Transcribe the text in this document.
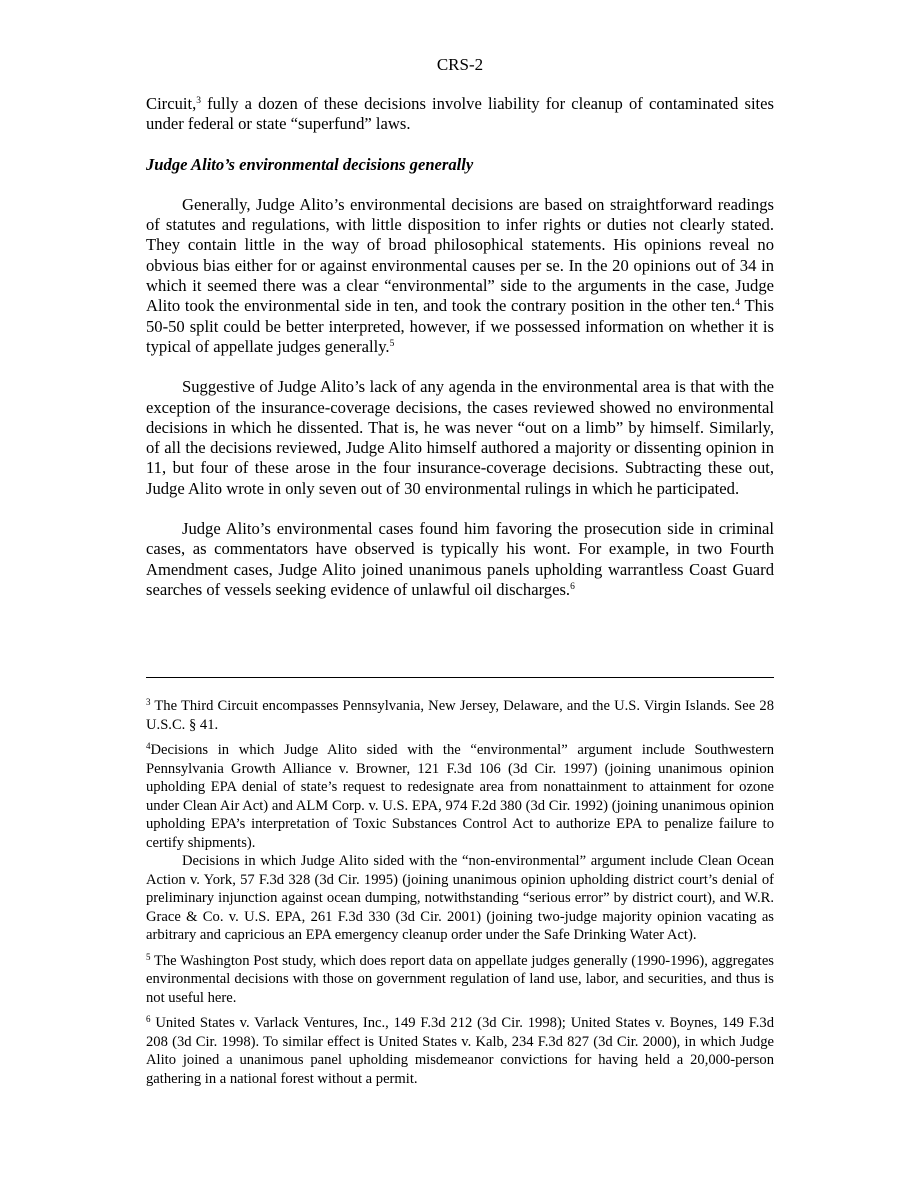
CRS-2

Circuit,$^3$ fully a dozen of these decisions involve liability for cleanup of contaminated sites under federal or state “superfund” laws.

Judge Alito’s environmental decisions generally

Generally, Judge Alito’s environmental decisions are based on straightforward readings of statutes and regulations, with little disposition to infer rights or duties not clearly stated. They contain little in the way of broad philosophical statements. His opinions reveal no obvious bias either for or against environmental causes per se. In the 20 opinions out of 34 in which it seemed there was a clear “environmental” side to the arguments in the case, Judge Alito took the environmental side in ten, and took the contrary position in the other ten.$^4$ This 50-50 split could be better interpreted, however, if we possessed information on whether it is typical of appellate judges generally.$^5$

Suggestive of Judge Alito’s lack of any agenda in the environmental area is that with the exception of the insurance-coverage decisions, the cases reviewed showed no environmental decisions in which he dissented. That is, he was never “out on a limb” by himself. Similarly, of all the decisions reviewed, Judge Alito himself authored a majority or dissenting opinion in 11, but four of these arose in the four insurance-coverage decisions. Subtracting these out, Judge Alito wrote in only seven out of 30 environmental rulings in which he participated.

Judge Alito’s environmental cases found him favoring the prosecution side in criminal cases, as commentators have observed is typically his wont. For example, in two Fourth Amendment cases, Judge Alito joined unanimous panels upholding warrantless Coast Guard searches of vessels seeking evidence of unlawful oil discharges.$^6$

$^3$ The Third Circuit encompasses Pennsylvania, New Jersey, Delaware, and the U.S. Virgin Islands. See 28 U.S.C. § 41.

$^4$Decisions in which Judge Alito sided with the “environmental” argument include Southwestern Pennsylvania Growth Alliance v. Browner, 121 F.3d 106 (3d Cir. 1997) (joining unanimous opinion upholding EPA denial of state’s request to redesignate area from nonattainment to attainment for ozone under Clean Air Act) and ALM Corp. v. U.S. EPA, 974 F.2d 380 (3d Cir. 1992) (joining unanimous opinion upholding EPA’s interpretation of Toxic Substances Control Act to authorize EPA to penalize failure to certify shipments).

Decisions in which Judge Alito sided with the “non-environmental” argument include Clean Ocean Action v. York, 57 F.3d 328 (3d Cir. 1995) (joining unanimous opinion upholding district court’s denial of preliminary injunction against ocean dumping, notwithstanding “serious error” by district court), and W.R. Grace & Co. v. U.S. EPA, 261 F.3d 330 (3d Cir. 2001) (joining two-judge majority opinion vacating as arbitrary and capricious an EPA emergency cleanup order under the Safe Drinking Water Act).

$^5$ The Washington Post study, which does report data on appellate judges generally (1990-1996), aggregates environmental decisions with those on government regulation of land use, labor, and securities, and thus is not useful here.

$^6$ United States v. Varlack Ventures, Inc., 149 F.3d 212 (3d Cir. 1998); United States v. Boynes, 149 F.3d 208 (3d Cir. 1998). To similar effect is United States v. Kalb, 234 F.3d 827 (3d Cir. 2000), in which Judge Alito joined a unanimous panel upholding misdemeanor convictions for having held a 20,000-person gathering in a national forest without a permit.
